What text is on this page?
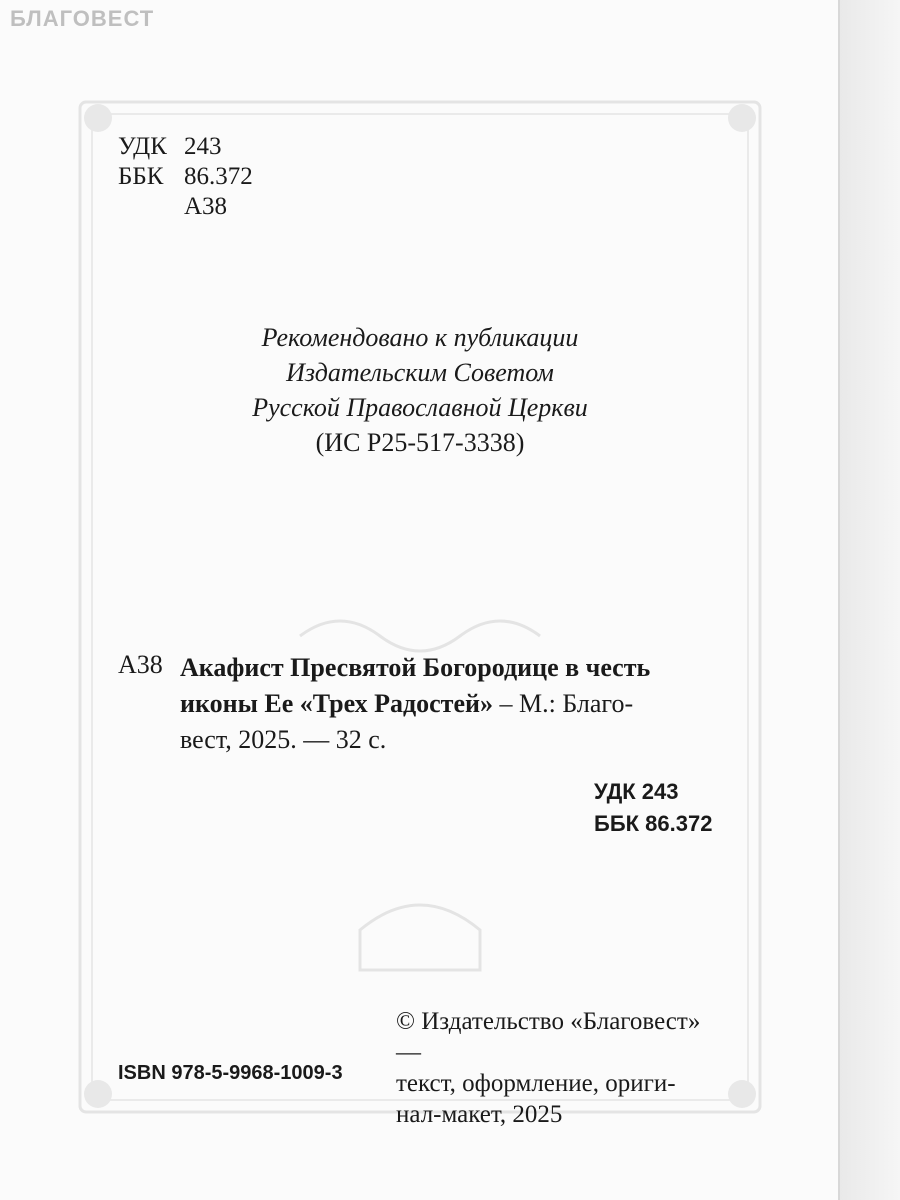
БЛАГОВЕСТ
УДК 243
ББК 86.372
А38
Рекомендовано к публикации
Издательским Советом
Русской Православной Церкви
(ИС Р25-517-3338)
А38 Акафист Пресвятой Богородице в честь
иконы Ее «Трех Радостей» – М.: Благо-
вест, 2025. — 32 с.
УДК 243
ББК 86.372
© Издательство «Благовест» —
текст, оформление, ориги-
нал-макет, 2025
ISBN 978-5-9968-1009-3
